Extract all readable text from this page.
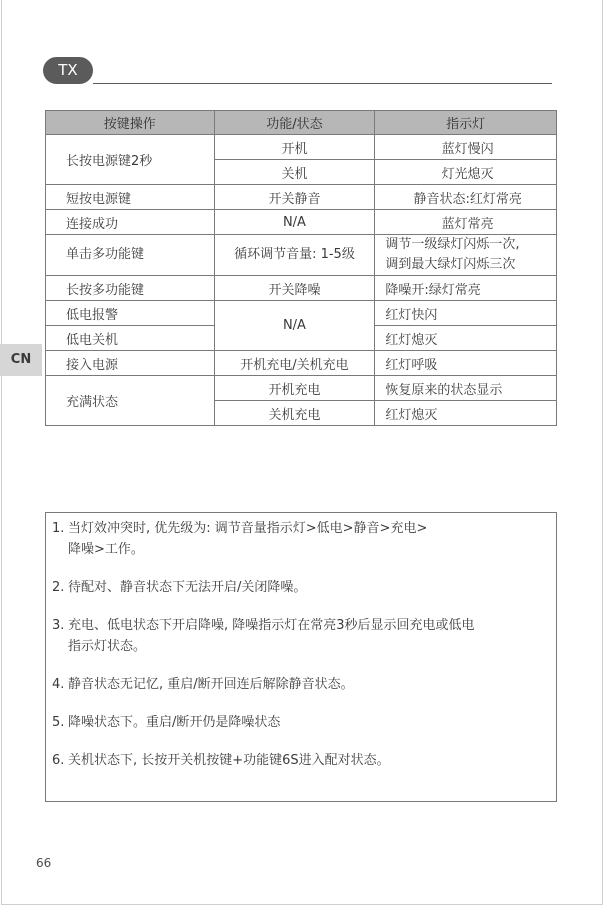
TX
CN
按键操作	功能/状态	指示灯
长按电源键2秒	开机	蓝灯慢闪
	关机	灯光熄灭
短按电源键	开关静音	静音状态:红灯常亮
连接成功	N/A	蓝灯常亮
单击多功能键	循环调节音量: 1-5级	调节一级绿灯闪烁一次,
调到最大绿灯闪烁三次

长按多功能键	开关降噪	降噪开:绿灯常亮
低电报警	N/A	红灯快闪
低电关机		红灯熄灭
接入电源	开机充电/关机充电	红灯呼吸
充满状态	开机充电	恢复原来的状态显示
	关机充电	红灯熄灭

1. 当灯效冲突时, 优先级为: 调节音量指示灯>低电>静音>充电>
降噪>工作。

2. 待配对、静音状态下无法开启/关闭降噪。

3. 充电、低电状态下开启降噪, 降噪指示灯在常亮3秒后显示回充电或低电
指示灯状态。

4. 静音状态无记忆, 重启/断开回连后解除静音状态。

5. 降噪状态下。重启/断开仍是降噪状态

6. 关机状态下, 长按开关机按键+功能键6S进入配对状态。

66
